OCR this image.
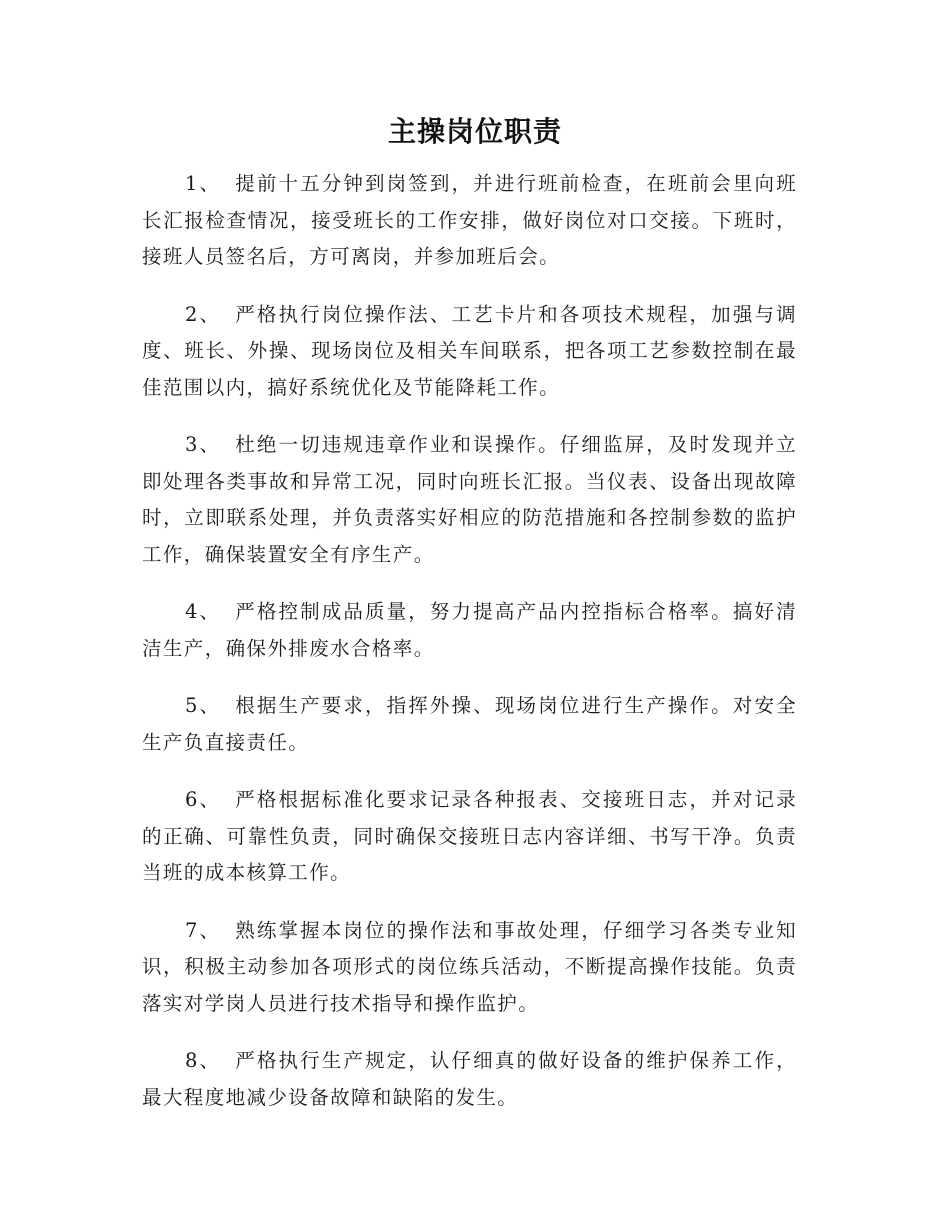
主操岗位职责

1、 提前十五分钟到岗签到，并进行班前检查，在班前会里向班长汇报检查情况，接受班长的工作安排，做好岗位对口交接。下班时，接班人员签名后，方可离岗，并参加班后会。

2、 严格执行岗位操作法、工艺卡片和各项技术规程，加强与调度、班长、外操、现场岗位及相关车间联系，把各项工艺参数控制在最佳范围以内，搞好系统优化及节能降耗工作。

3、 杜绝一切违规违章作业和误操作。仔细监屏，及时发现并立即处理各类事故和异常工况，同时向班长汇报。当仪表、设备出现故障时，立即联系处理，并负责落实好相应的防范措施和各控制参数的监护工作，确保装置安全有序生产。

4、 严格控制成品质量，努力提高产品内控指标合格率。搞好清洁生产，确保外排废水合格率。

5、 根据生产要求，指挥外操、现场岗位进行生产操作。对安全生产负直接责任。

6、 严格根据标准化要求记录各种报表、交接班日志，并对记录的正确、可靠性负责，同时确保交接班日志内容详细、书写干净。负责当班的成本核算工作。

7、 熟练掌握本岗位的操作法和事故处理，仔细学习各类专业知识，积极主动参加各项形式的岗位练兵活动，不断提高操作技能。负责落实对学岗人员进行技术指导和操作监护。

8、 严格执行生产规定，认仔细真的做好设备的维护保养工作，最大程度地减少设备故障和缺陷的发生。
